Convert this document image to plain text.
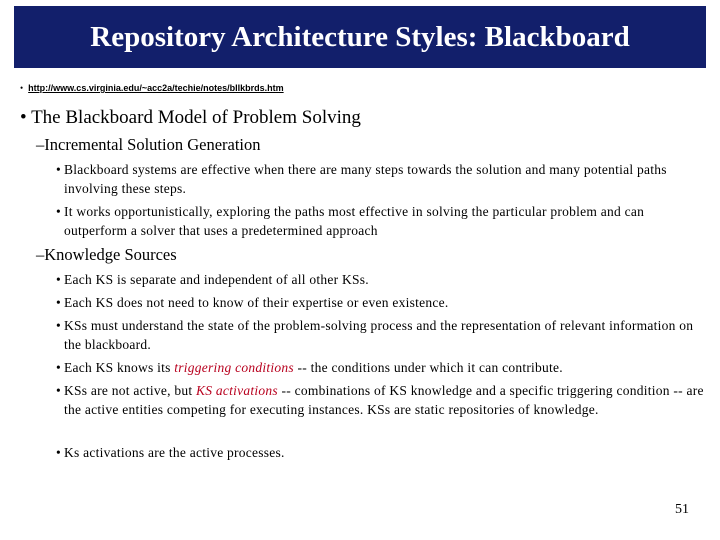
Repository Architecture Styles: Blackboard
• http://www.cs.virginia.edu/~acc2a/techie/notes/bllkbrds.htm
• The Blackboard Model of Problem Solving
–Incremental Solution Generation
• Blackboard systems are effective when there are many steps towards the solution and many potential paths involving these steps.
• It works opportunistically, exploring the paths most effective in solving the particular problem and can outperform a solver that uses a predetermined approach
–Knowledge Sources
• Each KS is separate and independent of all other KSs.
• Each KS does not need to know of their expertise or even existence.
• KSs must understand the state of the problem-solving process and the representation of relevant information on the blackboard.
• Each KS knows its triggering conditions -- the conditions under which it can contribute.
• KSs are not active, but KS activations -- combinations of KS knowledge and a specific triggering condition -- are the active entities competing for executing instances. KSs are static repositories of knowledge.
• Ks activations are the active processes.
51
